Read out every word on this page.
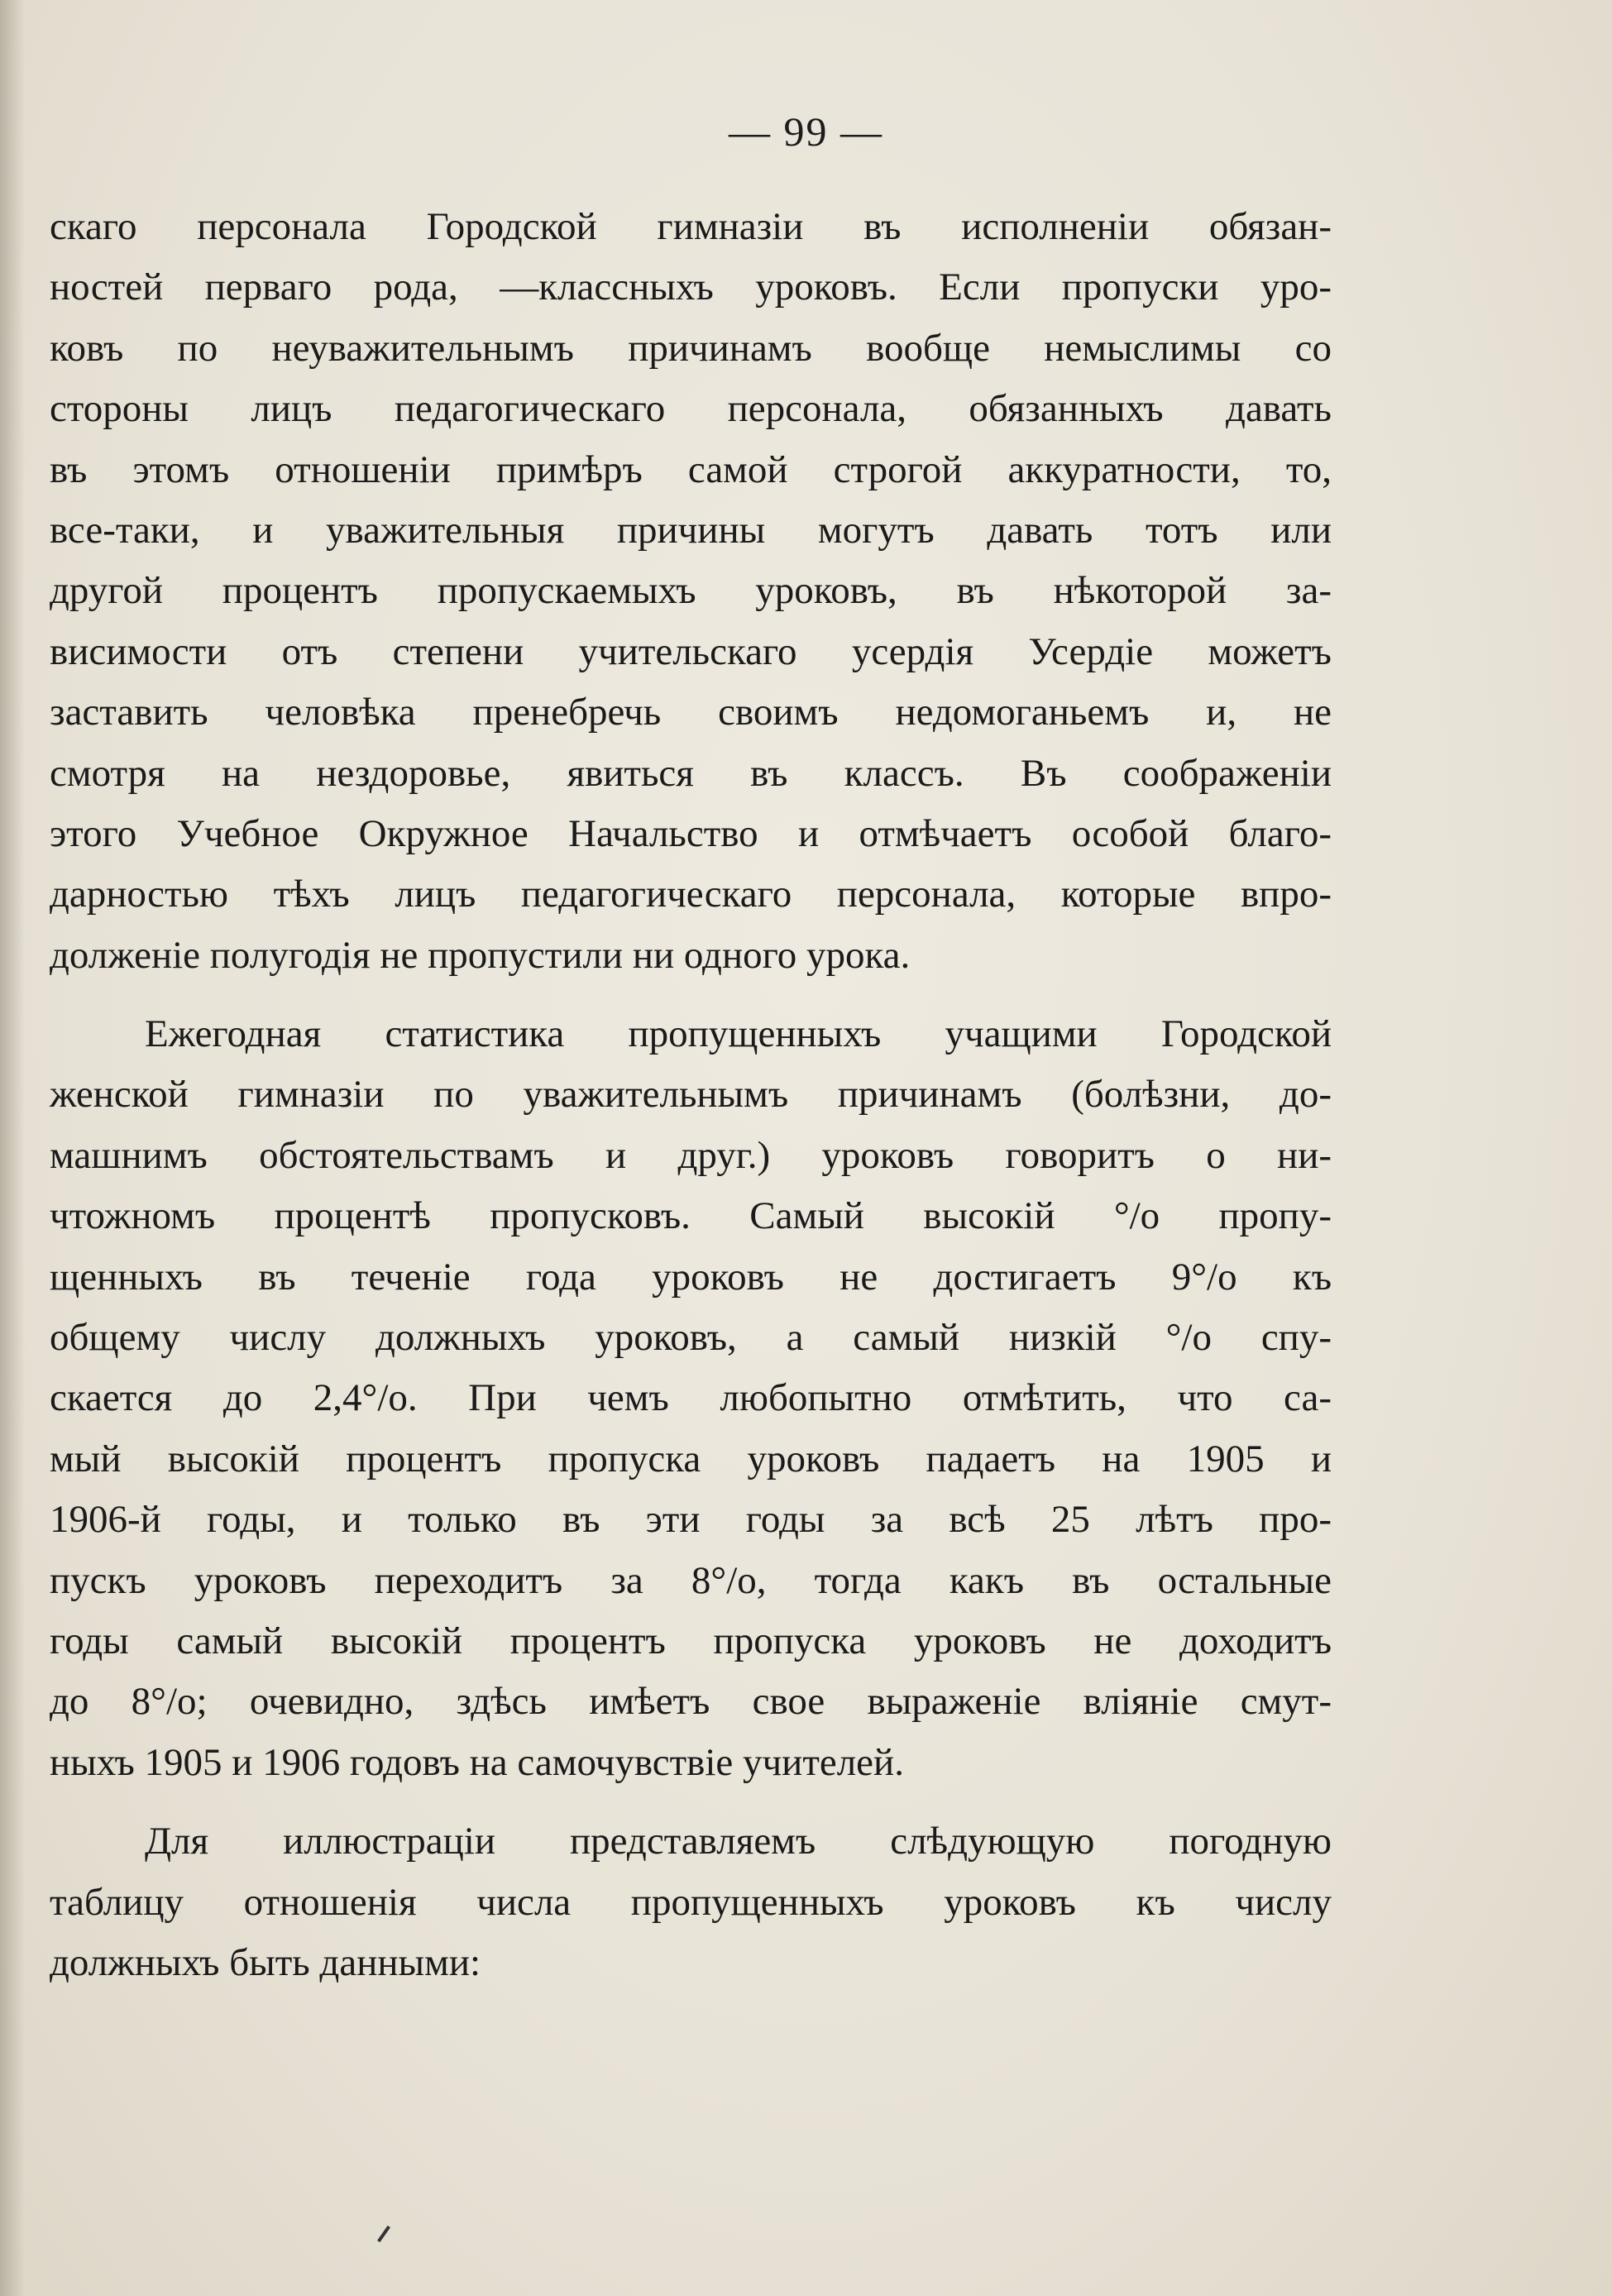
— 99 —
скаго персонала Городской гимназіи въ исполненіи обязан-
ностей перваго рода, —классныхъ уроковъ. Если пропуски уро-
ковъ по неуважительнымъ причинамъ вообще немыслимы со
стороны лицъ педагогическаго персонала, обязанныхъ давать
въ этомъ отношеніи примѣръ самой строгой аккуратности, то,
все-таки, и уважительныя причины могутъ давать тотъ или
другой процентъ пропускаемыхъ уроковъ, въ нѣкоторой за-
висимости отъ степени учительскаго усердія Усердіе можетъ
заставить человѣка пренебречь своимъ недомоганьемъ и, не
смотря на нездоровье, явиться въ классъ. Въ соображеніи
этого Учебное Окружное Начальство и отмѣчаетъ особой благо-
дарностью тѣхъ лицъ педагогическаго персонала, которые впро-
долженіе полугодія не пропустили ни одного урока.
Ежегодная статистика пропущенныхъ учащими Городской
женской гимназіи по уважительнымъ причинамъ (болѣзни, до-
машнимъ обстоятельствамъ и друг.) уроковъ говоритъ о ни-
чтожномъ процентѣ пропусковъ. Самый высокій °/о пропу-
щенныхъ въ теченіе года уроковъ не достигаетъ 9°/о къ
общему числу должныхъ уроковъ, а самый низкій °/о спу-
скается до 2,4°/о. При чемъ любопытно отмѣтить, что са-
мый высокій процентъ пропуска уроковъ падаетъ на 1905 и
1906-й годы, и только въ эти годы за всѣ 25 лѣтъ про-
пускъ уроковъ переходитъ за 8°/о, тогда какъ въ остальные
годы самый высокій процентъ пропуска уроковъ не доходитъ
до 8°/о; очевидно, здѣсь имѣетъ свое выраженіе вліяніе смут-
ныхъ 1905 и 1906 годовъ на самочувствіе учителей.
Для иллюстраціи представляемъ слѣдующую погодную
таблицу отношенія числа пропущенныхъ уроковъ къ числу
должныхъ быть данными:
